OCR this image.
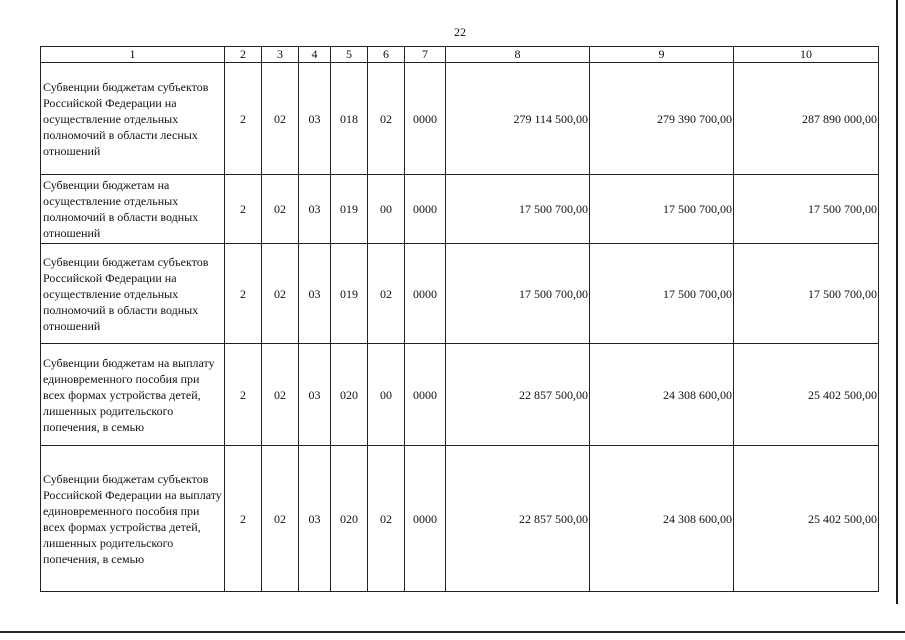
22
1	2	3	4	5	6	7	8	9	10
Субвенции бюджетам субъектов Российской Федерации на осуществление отдельных полномочий в области лесных отношений	2	02	03	018	02	0000	279 114 500,00	279 390 700,00	287 890 000,00
Субвенции бюджетам на осуществление отдельных полномочий в области водных отношений	2	02	03	019	00	0000	17 500 700,00	17 500 700,00	17 500 700,00
Субвенции бюджетам субъектов Российской Федерации на осуществление отдельных полномочий в области водных отношений	2	02	03	019	02	0000	17 500 700,00	17 500 700,00	17 500 700,00
Субвенции бюджетам на выплату единовременного пособия при всех формах устройства детей, лишенных родительского попечения, в семью	2	02	03	020	00	0000	22 857 500,00	24 308 600,00	25 402 500,00
Субвенции бюджетам субъектов Российской Федерации на выплату единовременного пособия при всех формах устройства детей, лишенных родительского попечения, в семью	2	02	03	020	02	0000	22 857 500,00	24 308 600,00	25 402 500,00
